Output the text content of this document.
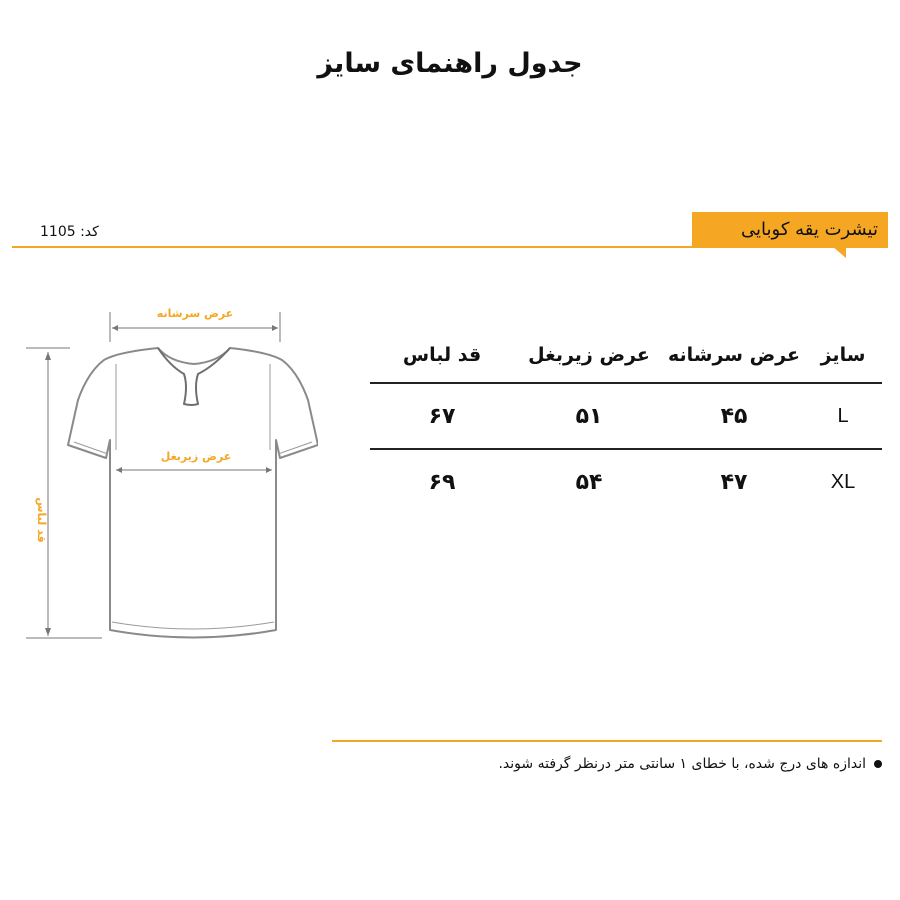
جدول راهنمای سایز
تیشرت یقه کوبایی
کد: 1105
عرض سرشانه
عرض زیربغل
قد لباس
سایز
عرض سرشانه
عرض زیربغل
قد لباس
L
۴۵
۵۱
۶۷
XL
۴۷
۵۴
۶۹
اندازه های درج شده، با خطای ۱ سانتی متر درنظر گرفته شوند.
